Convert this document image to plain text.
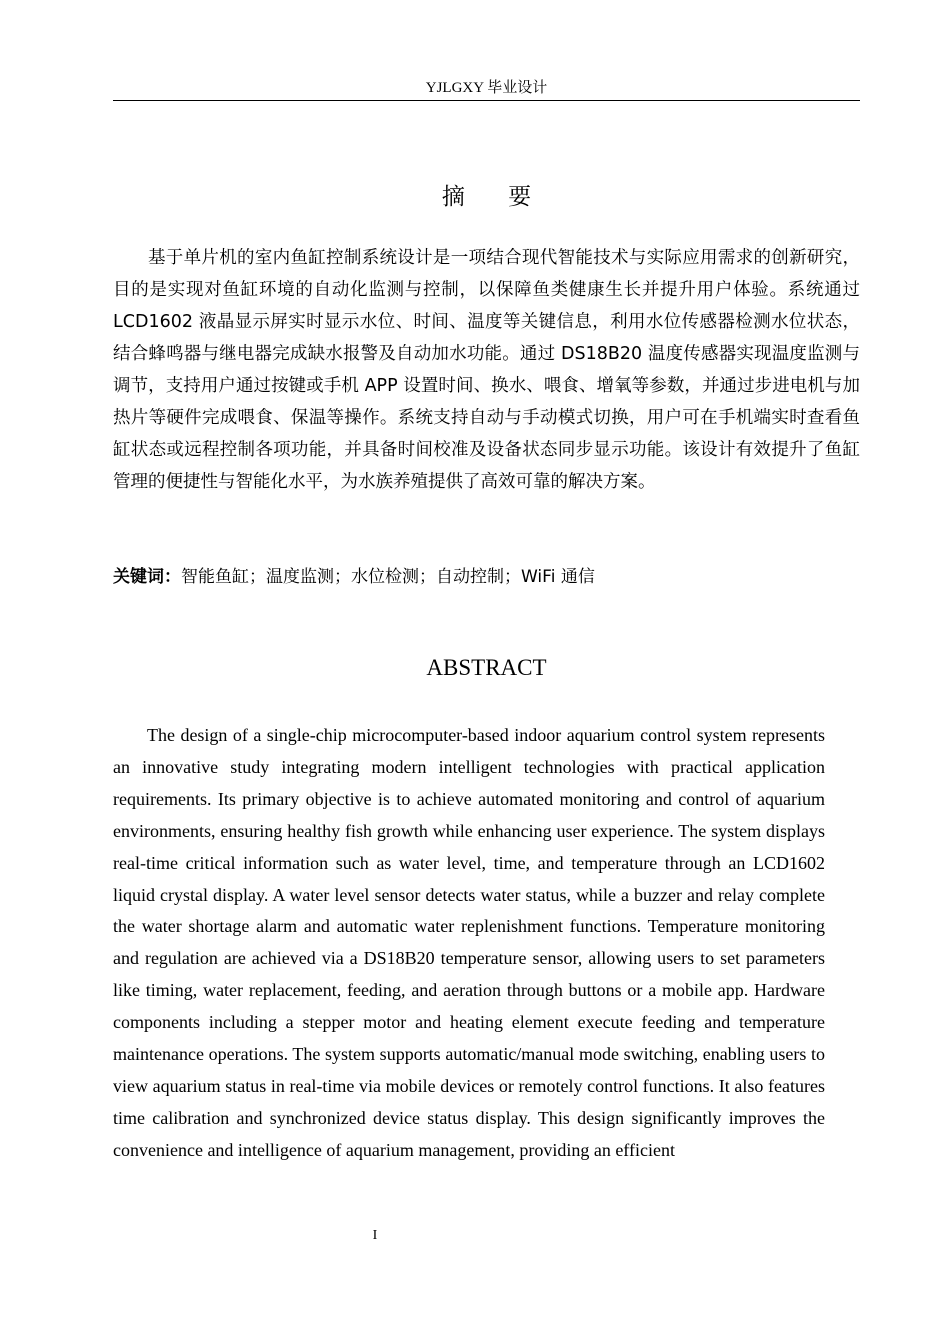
YJLGXY 毕业设计
摘 要
基于单片机的室内鱼缸控制系统设计是一项结合现代智能技术与实际应用需求的创新研究，目的是实现对鱼缸环境的自动化监测与控制，以保障鱼类健康生长并提升用户体验。系统通过 LCD1602 液晶显示屏实时显示水位、时间、温度等关键信息，利用水位传感器检测水位状态，结合蜂鸣器与继电器完成缺水报警及自动加水功能。通过 DS18B20 温度传感器实现温度监测与调节，支持用户通过按键或手机 APP 设置时间、换水、喂食、增氧等参数，并通过步进电机与加热片等硬件完成喂食、保温等操作。系统支持自动与手动模式切换，用户可在手机端实时查看鱼缸状态或远程控制各项功能，并具备时间校准及设备状态同步显示功能。该设计有效提升了鱼缸管理的便捷性与智能化水平，为水族养殖提供了高效可靠的解决方案。
关键词：智能鱼缸；温度监测；水位检测；自动控制；WiFi 通信
ABSTRACT
The design of a single-chip microcomputer-based indoor aquarium control system represents an innovative study integrating modern intelligent technologies with practical application requirements. Its primary objective is to achieve automated monitoring and control of aquarium environments, ensuring healthy fish growth while enhancing user experience. The system displays real-time critical information such as water level, time, and temperature through an LCD1602 liquid crystal display. A water level sensor detects water status, while a buzzer and relay complete the water shortage alarm and automatic water replenishment functions. Temperature monitoring and regulation are achieved via a DS18B20 temperature sensor, allowing users to set parameters like timing, water replacement, feeding, and aeration through buttons or a mobile app. Hardware components including a stepper motor and heating element execute feeding and temperature maintenance operations. The system supports automatic/manual mode switching, enabling users to view aquarium status in real-time via mobile devices or remotely control functions. It also features time calibration and synchronized device status display. This design significantly improves the convenience and intelligence of aquarium management, providing an efficient
I
